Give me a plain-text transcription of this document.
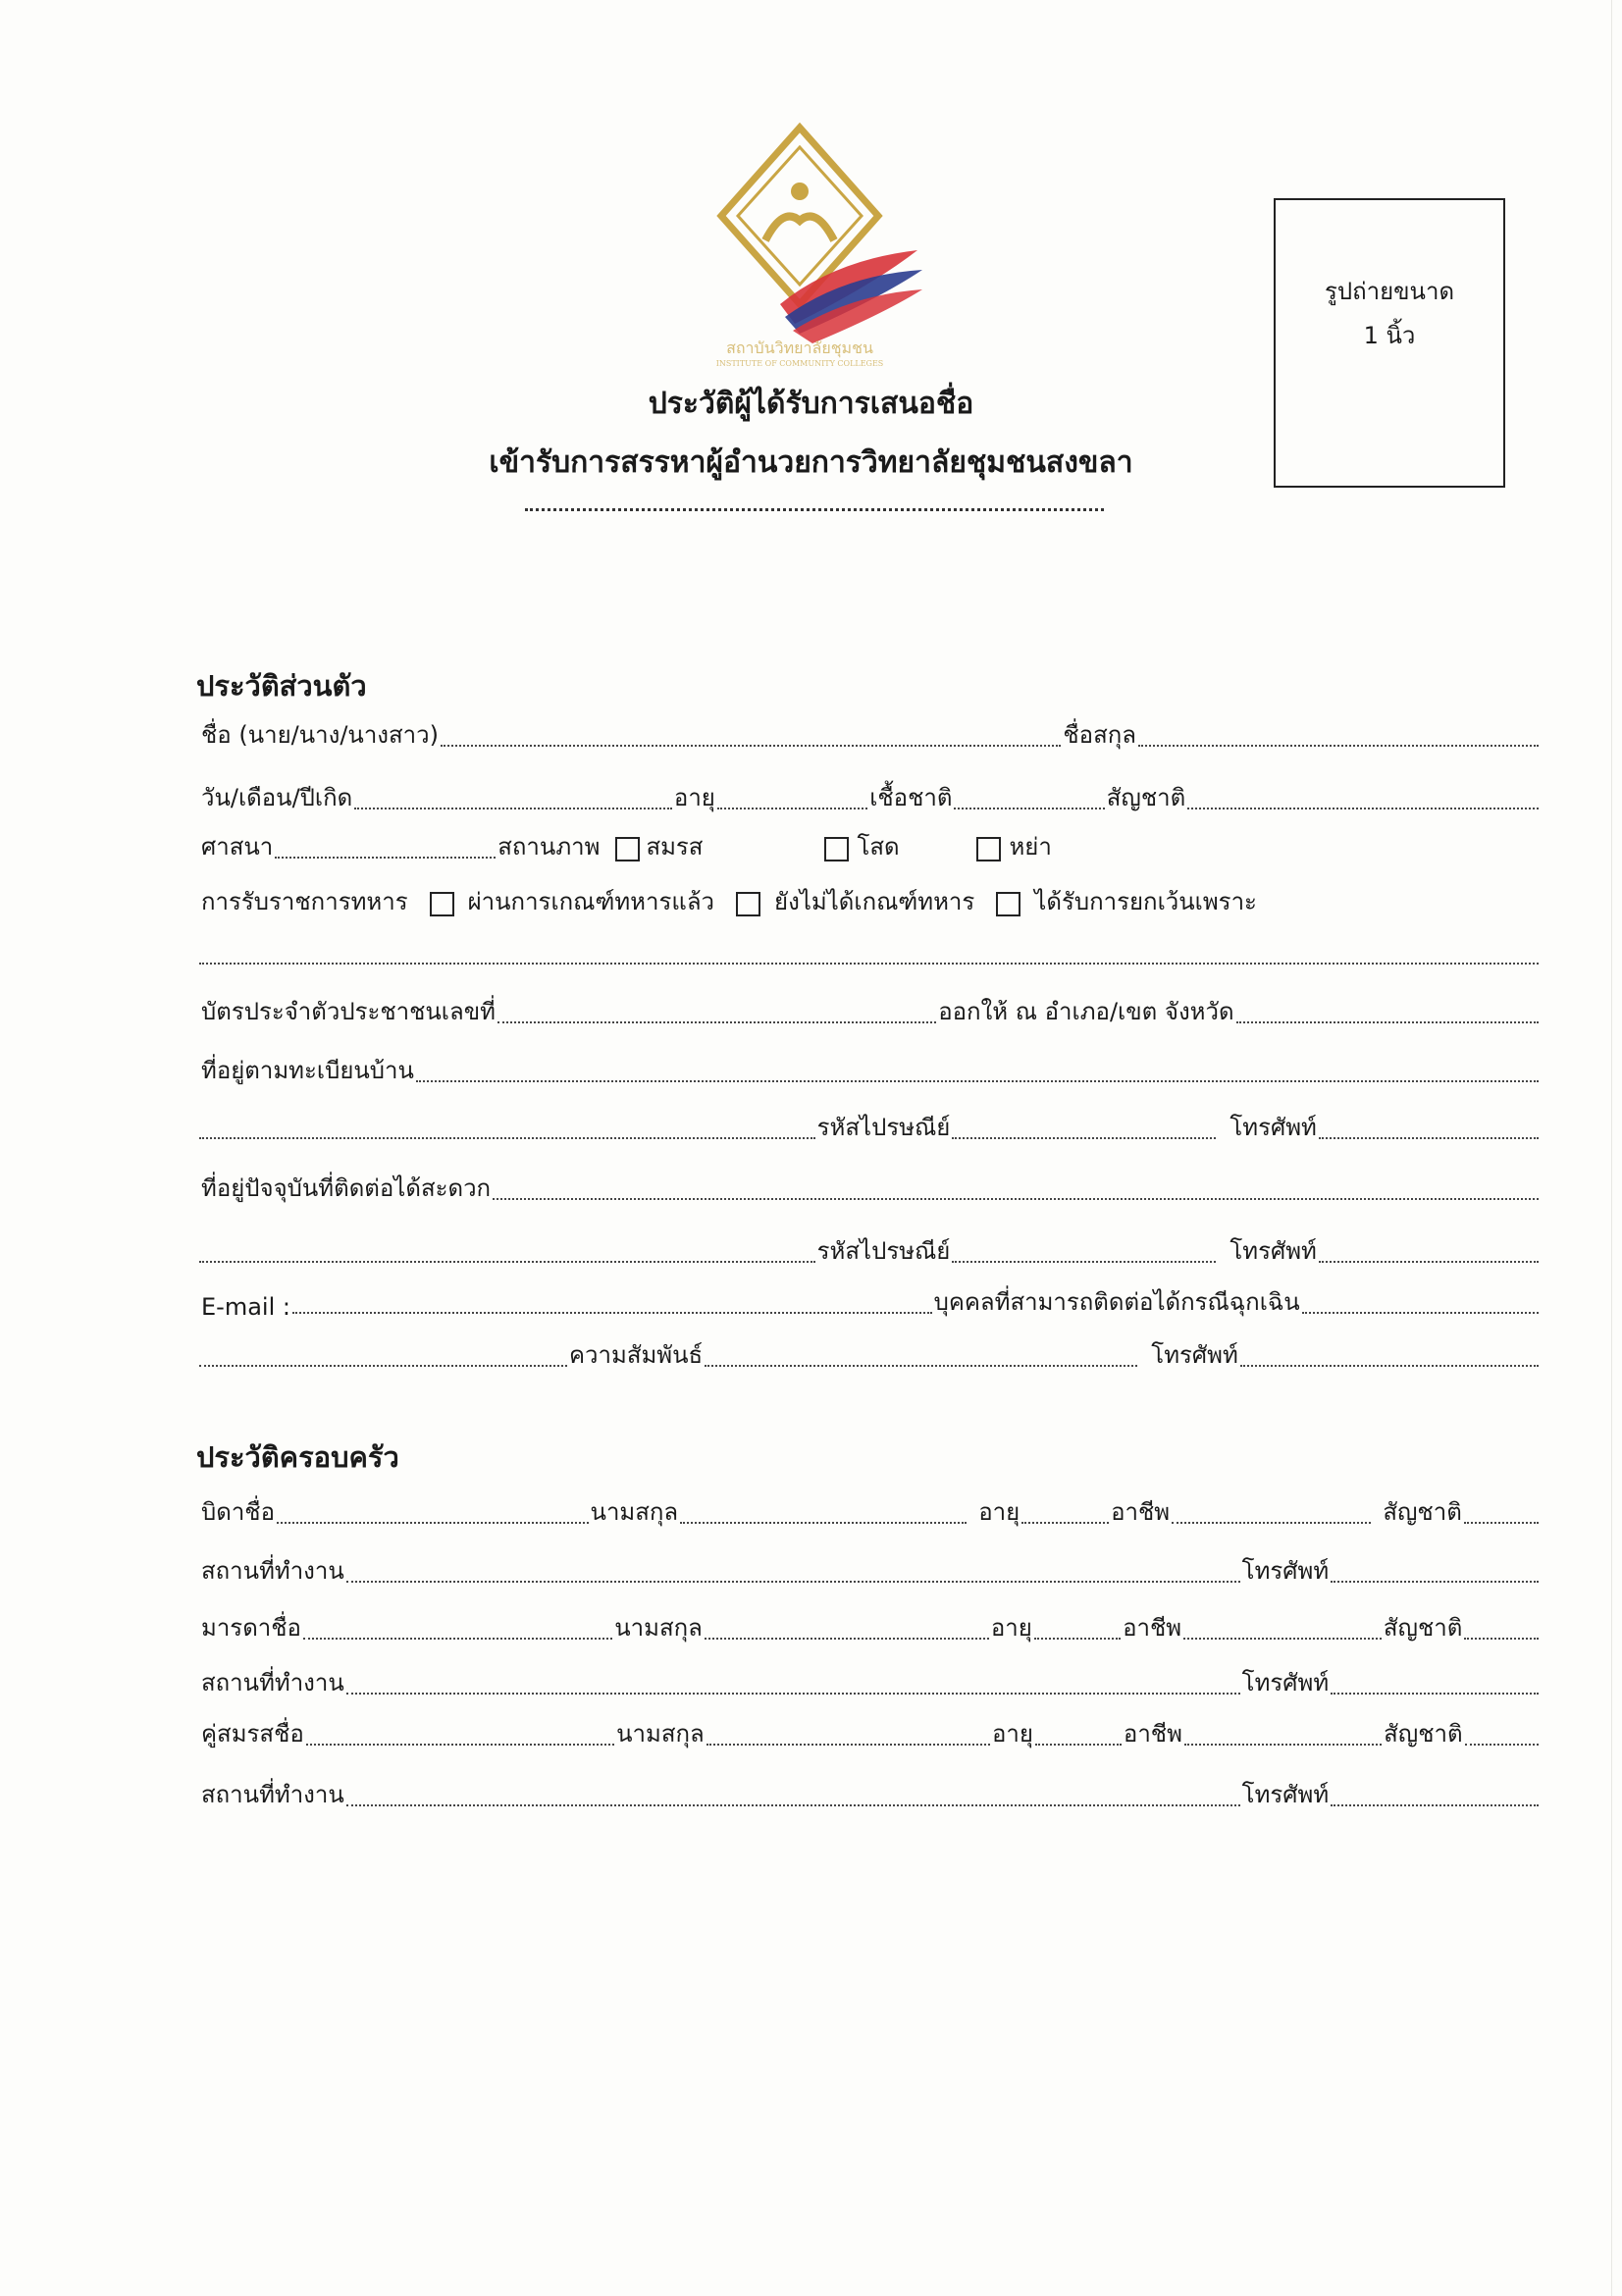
สถาบันวิทยาลัยชุมชน
INSTITUTE OF COMMUNITY COLLEGES
ประวัติผู้ได้รับการเสนอชื่อ
เข้ารับการสรรหาผู้อำนวยการวิทยาลัยชุมชนสงขลา
รูปถ่ายขนาด
1 นิ้ว
ประวัติส่วนตัว
ชื่อ (นาย/นาง/นางสาว)	ชื่อสกุล
วัน/เดือน/ปีเกิด	อายุ	เชื้อชาติ	สัญชาติ
ศาสนา	สถานภาพ สมรส	โสด	หย่า
การรับราชการทหาร	ผ่านการเกณฑ์ทหารแล้ว	ยังไม่ได้เกณฑ์ทหาร	ได้รับการยกเว้นเพราะ
บัตรประจำตัวประชาชนเลขที่	ออกให้ ณ อำเภอ/เขต จังหวัด
ที่อยู่ตามทะเบียนบ้าน
รหัสไปรษณีย์	โทรศัพท์
ที่อยู่ปัจจุบันที่ติดต่อได้สะดวก
รหัสไปรษณีย์	โทรศัพท์
E-mail :	บุคคลที่สามารถติดต่อได้กรณีฉุกเฉิน
ความสัมพันธ์	โทรศัพท์
ประวัติครอบครัว
บิดาชื่อ	นามสกุล	อายุ	อาชีพ	สัญชาติ
สถานที่ทำงาน	โทรศัพท์
มารดาชื่อ	นามสกุล	อายุ	อาชีพ	สัญชาติ
สถานที่ทำงาน	โทรศัพท์
คู่สมรสชื่อ	นามสกุล	อายุ	อาชีพ	สัญชาติ
สถานที่ทำงาน	โทรศัพท์
